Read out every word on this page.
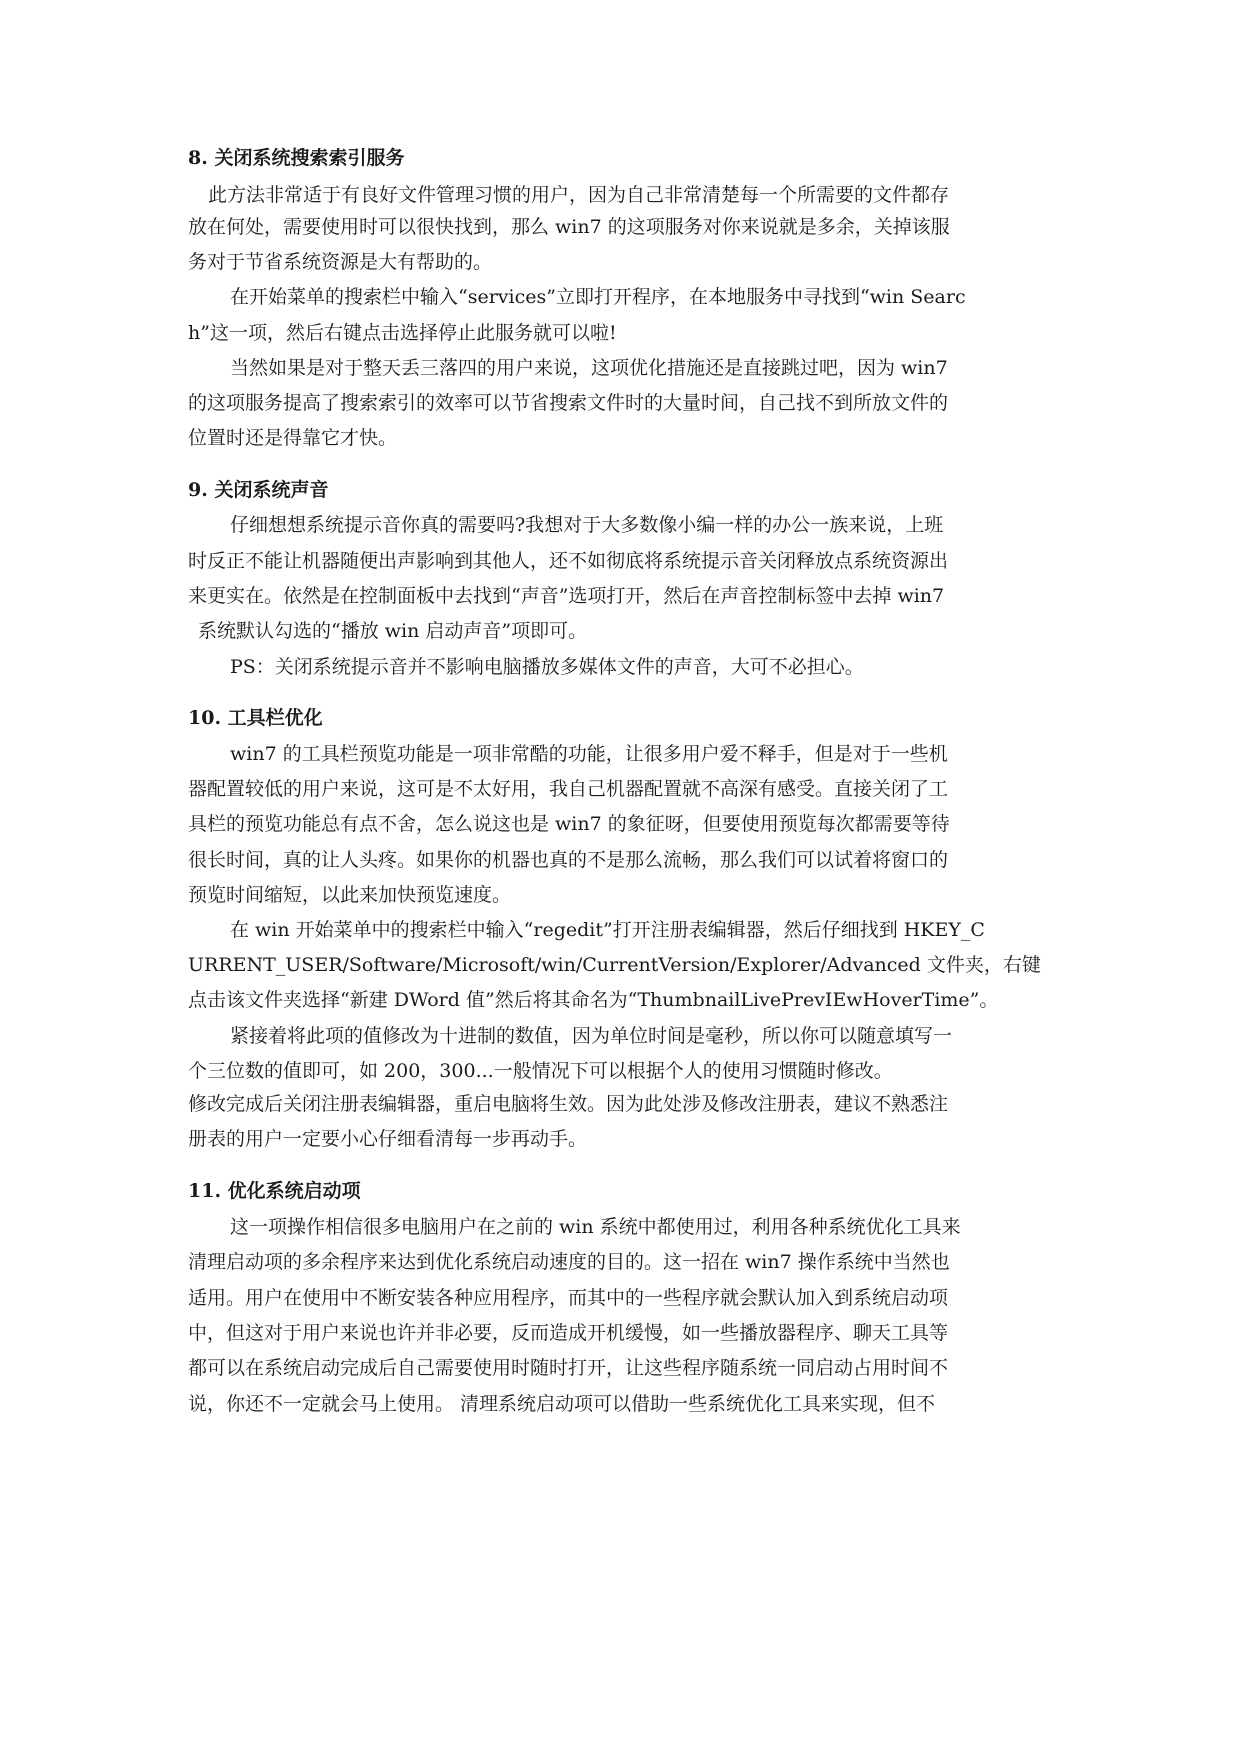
8. 关闭系统搜索索引服务
此方法非常适于有良好文件管理习惯的用户，因为自己非常清楚每一个所需要的文件都存
放在何处，需要使用时可以很快找到，那么 win7 的这项服务对你来说就是多余，关掉该服
务对于节省系统资源是大有帮助的。
在开始菜单的搜索栏中输入“services”立即打开程序，在本地服务中寻找到“win Searc
h”这一项，然后右键点击选择停止此服务就可以啦!
当然如果是对于整天丢三落四的用户来说，这项优化措施还是直接跳过吧，因为 win7
的这项服务提高了搜索索引的效率可以节省搜索文件时的大量时间，自己找不到所放文件的
位置时还是得靠它才快。
9. 关闭系统声音
仔细想想系统提示音你真的需要吗?我想对于大多数像小编一样的办公一族来说，上班
时反正不能让机器随便出声影响到其他人，还不如彻底将系统提示音关闭释放点系统资源出
来更实在。依然是在控制面板中去找到“声音”选项打开，然后在声音控制标签中去掉 win7
系统默认勾选的“播放 win 启动声音”项即可。
PS：关闭系统提示音并不影响电脑播放多媒体文件的声音，大可不必担心。
10. 工具栏优化
win7 的工具栏预览功能是一项非常酷的功能，让很多用户爱不释手，但是对于一些机
器配置较低的用户来说，这可是不太好用，我自己机器配置就不高深有感受。直接关闭了工
具栏的预览功能总有点不舍，怎么说这也是 win7 的象征呀，但要使用预览每次都需要等待
很长时间，真的让人头疼。如果你的机器也真的不是那么流畅，那么我们可以试着将窗口的
预览时间缩短，以此来加快预览速度。
在 win 开始菜单中的搜索栏中输入“regedit”打开注册表编辑器，然后仔细找到 HKEY_C
URRENT_USER/Software/Microsoft/win/CurrentVersion/Explorer/Advanced 文件夹，右键
点击该文件夹选择“新建 DWord 值”然后将其命名为“ThumbnailLivePrevIEwHoverTime”。
紧接着将此项的值修改为十进制的数值，因为单位时间是毫秒，所以你可以随意填写一
个三位数的值即可，如 200，300...一般情况下可以根据个人的使用习惯随时修改。
修改完成后关闭注册表编辑器，重启电脑将生效。因为此处涉及修改注册表，建议不熟悉注
册表的用户一定要小心仔细看清每一步再动手。
11. 优化系统启动项
这一项操作相信很多电脑用户在之前的 win 系统中都使用过，利用各种系统优化工具来
清理启动项的多余程序来达到优化系统启动速度的目的。这一招在 win7 操作系统中当然也
适用。用户在使用中不断安装各种应用程序，而其中的一些程序就会默认加入到系统启动项
中，但这对于用户来说也许并非必要，反而造成开机缓慢，如一些播放器程序、聊天工具等
都可以在系统启动完成后自己需要使用时随时打开，让这些程序随系统一同启动占用时间不
说，你还不一定就会马上使用。 清理系统启动项可以借助一些系统优化工具来实现，但不
